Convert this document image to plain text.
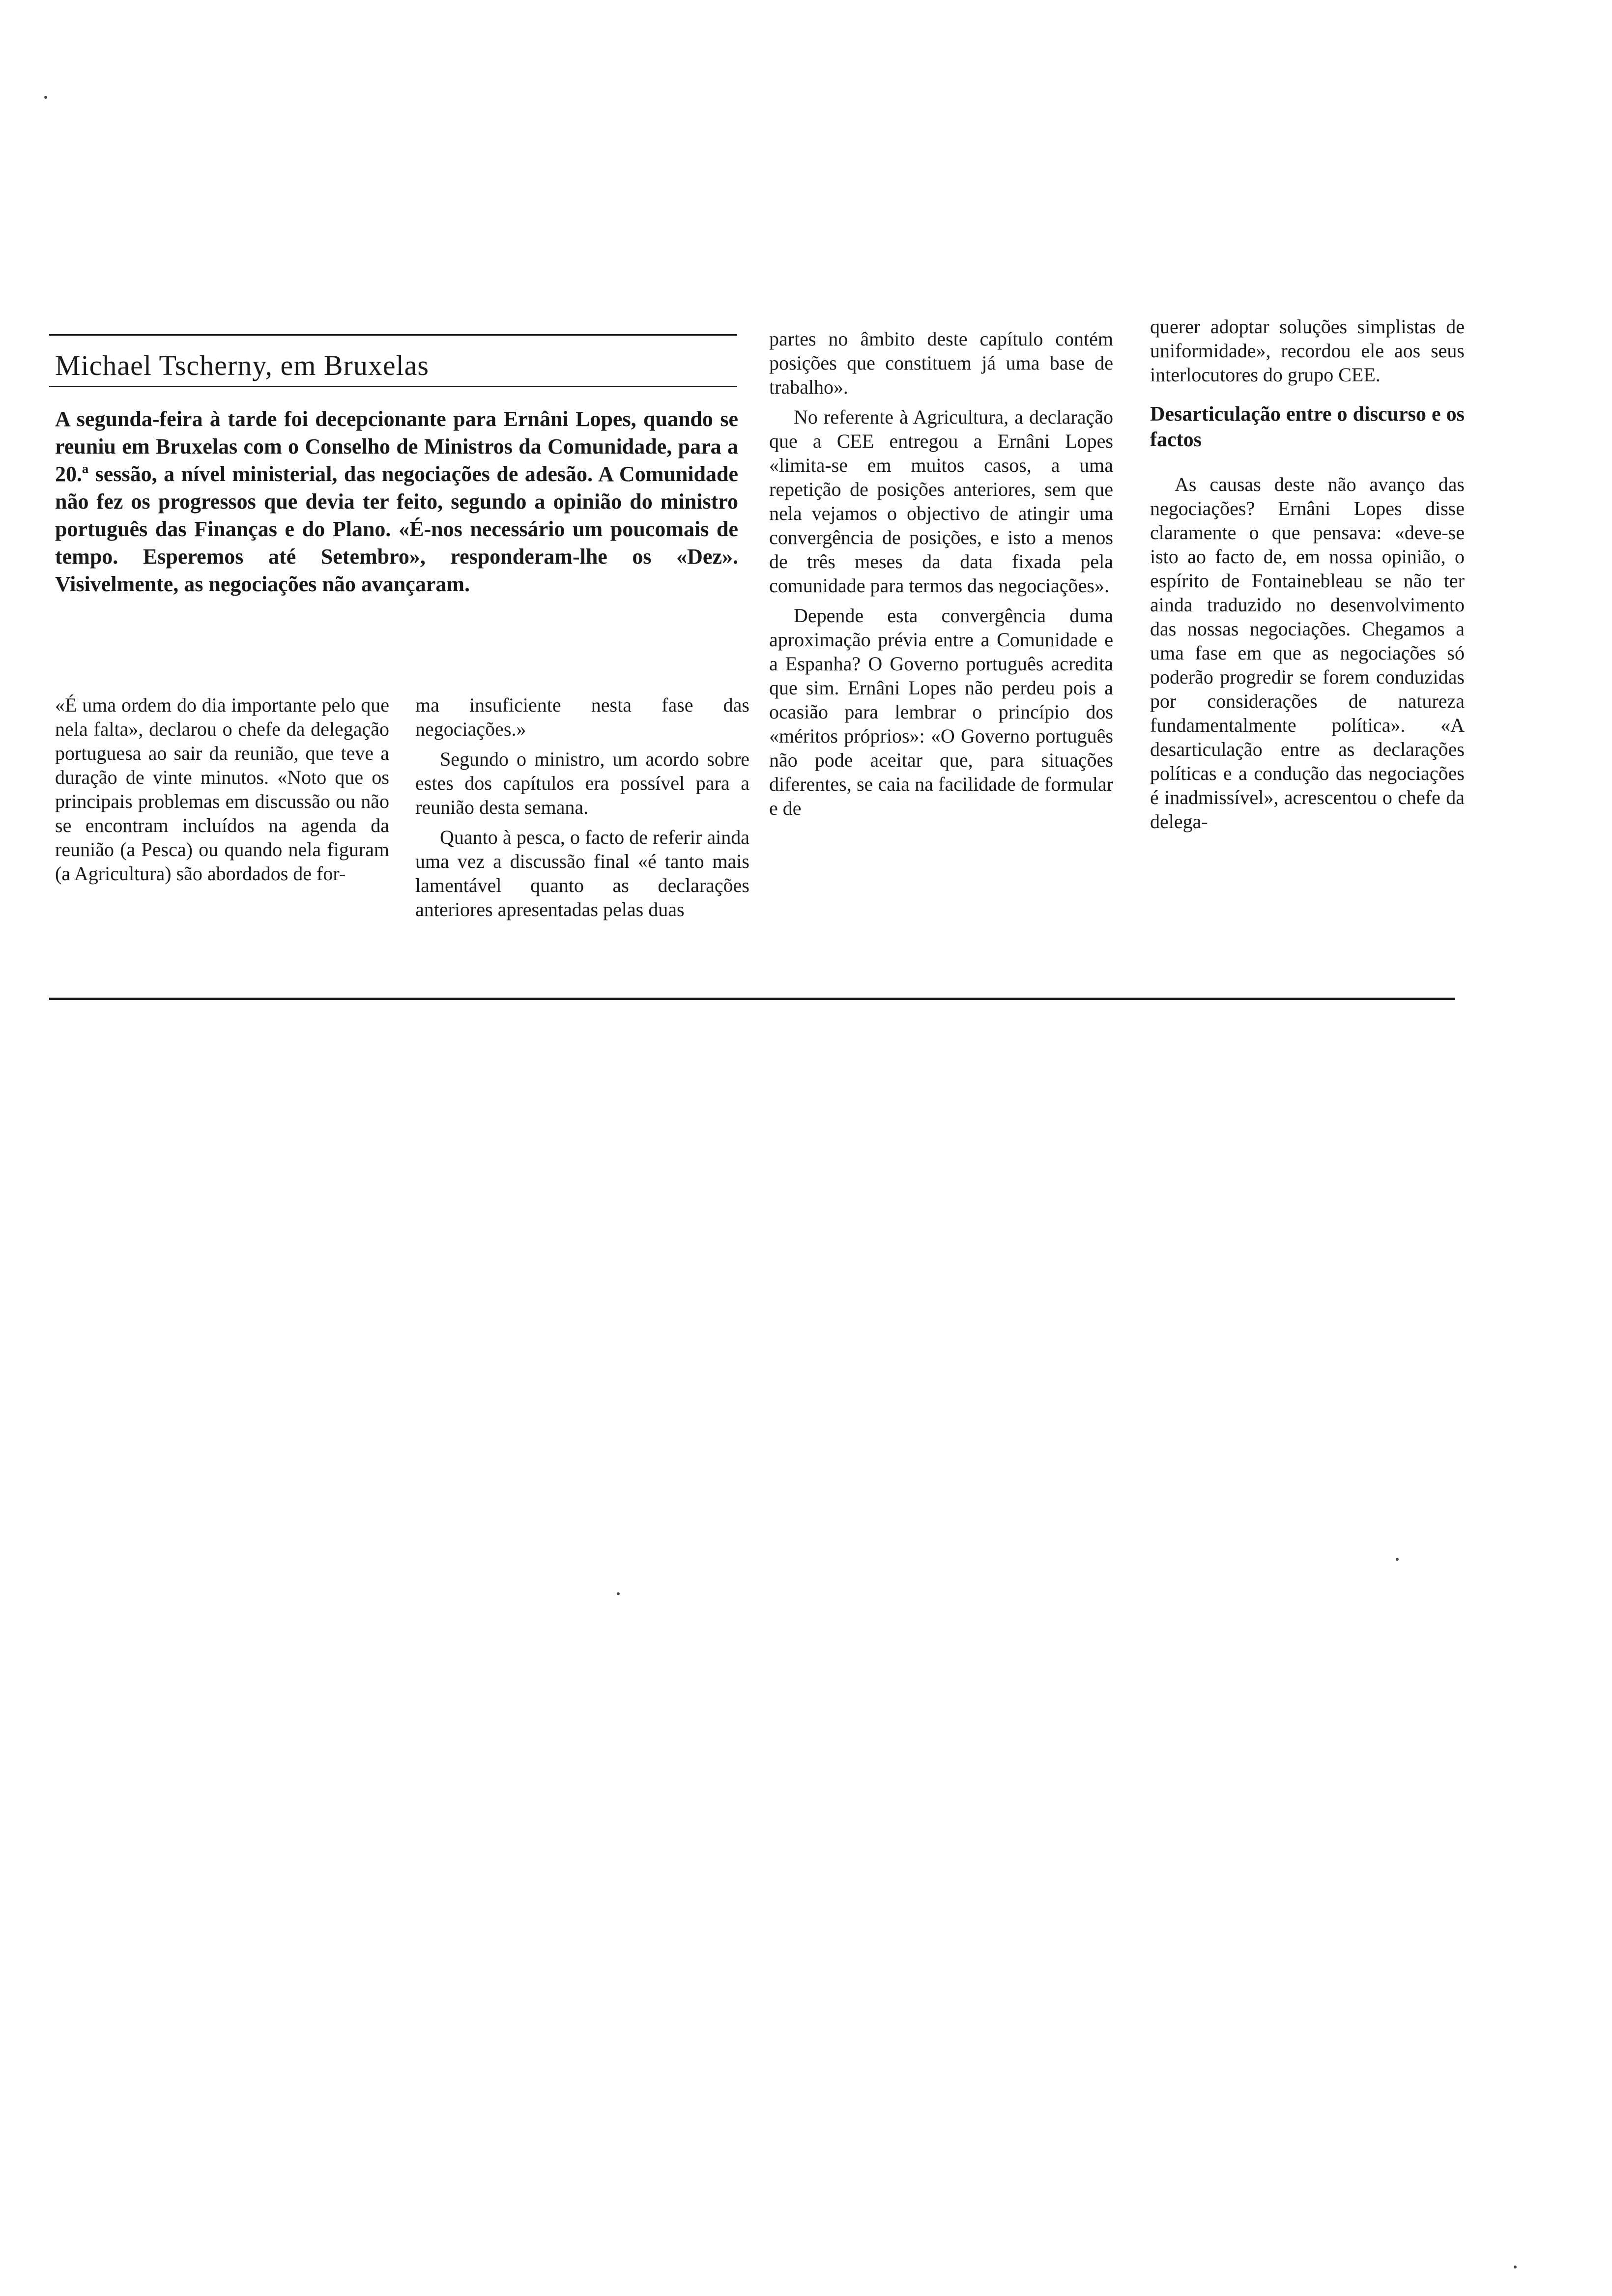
Michael Tscherny, em Bruxelas
A segunda-feira à tarde foi decepcionante para Ernâni Lopes, quando se reuniu em Bruxelas com o Conselho de Ministros da Comunidade, para a 20.ª sessão, a nível ministerial, das negociações de adesão. A Comunidade não fez os progressos que devia ter feito, segundo a opinião do ministro português das Finanças e do Plano. «É-nos necessário um poucomais de tempo. Esperemos até Setembro», responderam-lhe os «Dez». Visivelmente, as negociações não avançaram.

«É uma ordem do dia importante pelo que nela falta», declarou o chefe da delegação portuguesa ao sair da reunião, que teve a duração de vinte minutos. «Noto que os principais problemas em discussão ou não se encontram incluídos na agenda da reunião (a Pesca) ou quando nela figuram (a Agricultura) são abordados de for-

ma insuficiente nesta fase das negociações.»

Segundo o ministro, um acordo sobre estes dos capítulos era possível para a reunião desta semana.

Quanto à pesca, o facto de referir ainda uma vez a discussão final «é tanto mais lamentável quanto as declarações anteriores apresentadas pelas duas

partes no âmbito deste capítulo contém posições que constituem já uma base de trabalho».

No referente à Agricultura, a declaração que a CEE entregou a Ernâni Lopes «limita-se em muitos casos, a uma repetição de posições anteriores, sem que nela vejamos o objectivo de atingir uma convergência de posições, e isto a menos de três meses da data fixada pela comunidade para termos das negociações».

Depende esta convergência duma aproximação prévia entre a Comunidade e a Espanha? O Governo português acredita que sim. Ernâni Lopes não perdeu pois a ocasião para lembrar o princípio dos «méritos próprios»: «O Governo português não pode aceitar que, para situações diferentes, se caia na facilidade de formular e de

querer adoptar soluções simplistas de uniformidade», recordou ele aos seus interlocutores do grupo CEE.

Desarticulação entre o discurso e os factos

As causas deste não avanço das negociações? Ernâni Lopes disse claramente o que pensava: «deve-se isto ao facto de, em nossa opinião, o espírito de Fontainebleau se não ter ainda traduzido no desenvolvimento das nossas negociações. Chegamos a uma fase em que as negociações só poderão progredir se forem conduzidas por considerações de natureza fundamentalmente política». «A desarticulação entre as declarações políticas e a condução das negociações é inadmissível», acrescentou o chefe da delega-
